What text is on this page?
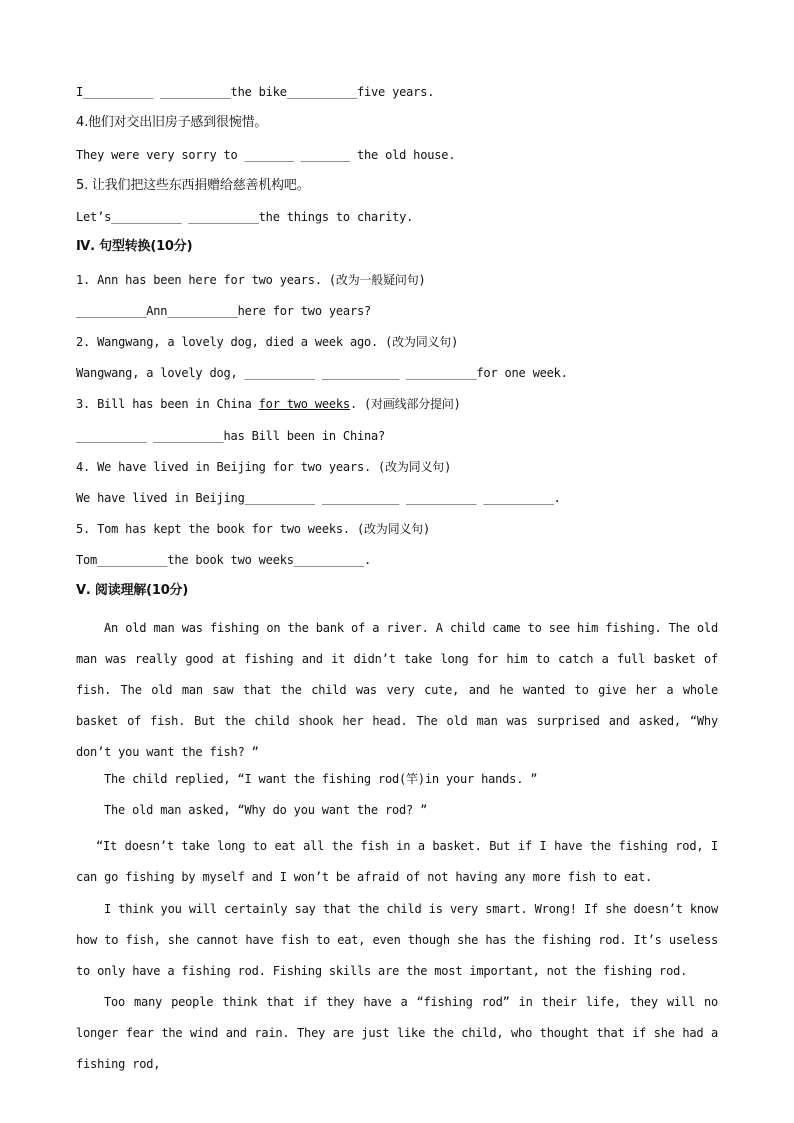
I__________ __________the bike__________five years.
4.他们对交出旧房子感到很惋惜。
They were very sorry to _______ _______ the old house.
5. 让我们把这些东西捐赠给慈善机构吧。
Let’s__________ __________the things to charity.
Ⅳ. 句型转换(10分)
1. Ann has been here for two years. (改为一般疑问句)
__________Ann__________here for two years?
2. Wangwang, a lovely dog, died a week ago. (改为同义句)
Wangwang, a lovely dog, __________ ___________ __________for one week.
3. Bill has been in China for two weeks. (对画线部分提问)
__________ __________has Bill been in China?
4. We have lived in Beijing for two years. (改为同义句)
We have lived in Beijing__________ ___________ __________ __________.
5. Tom has kept the book for two weeks. (改为同义句)
Tom__________the book two weeks__________.
Ⅴ. 阅读理解(10分)
An old man was fishing on the bank of a river. A child came to see him fishing. The old man was really good at fishing and it didn’t take long for him to catch a full basket of fish. The old man saw that the child was very cute, and he wanted to give her a whole basket of fish. But the child shook her head. The old man was surprised and asked, “Why don’t you want the fish? ”
The child replied, “I want the fishing rod(竿)in your hands. ”
The old man asked, “Why do you want the rod? ”
“It doesn’t take long to eat all the fish in a basket. But if I have the fishing rod, I can go fishing by myself and I won’t be afraid of not having any more fish to eat.
I think you will certainly say that the child is very smart. Wrong! If she doesn’t know how to fish, she cannot have fish to eat, even though she has the fishing rod. It’s useless to only have a fishing rod. Fishing skills are the most important, not the fishing rod.
Too many people think that if they have a “fishing rod” in their life, they will no longer fear the wind and rain. They are just like the child, who thought that if she had a fishing rod,
